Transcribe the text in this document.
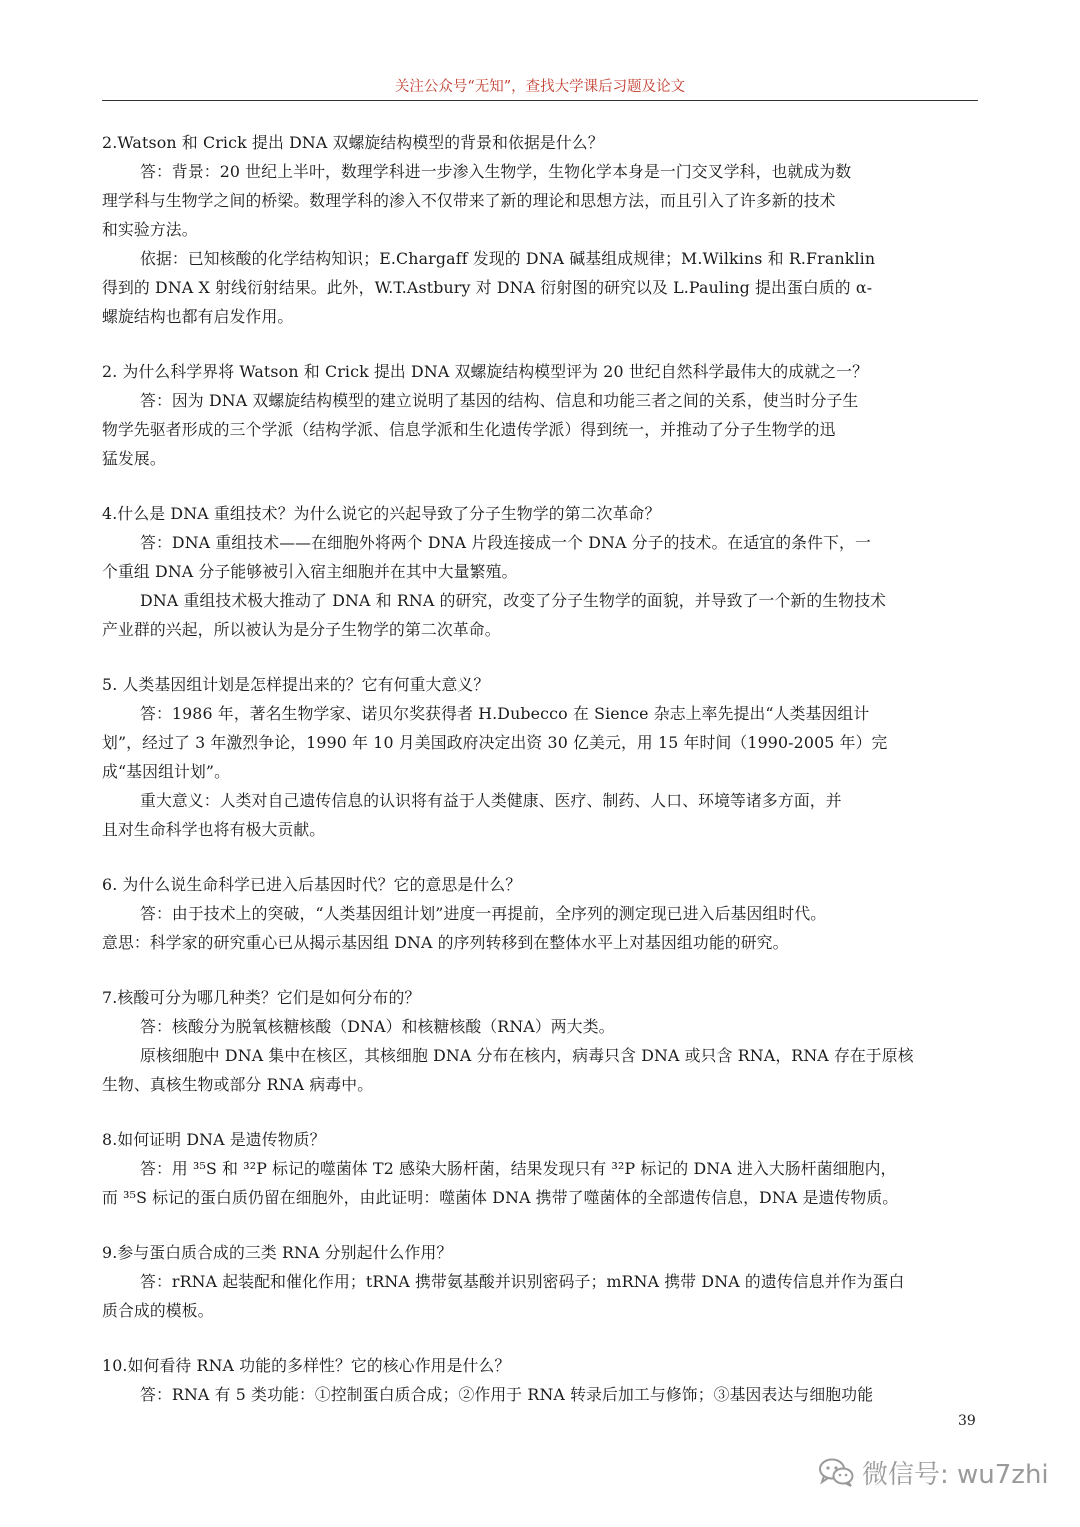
关注公众号“无知”，查找大学课后习题及论文

2.Watson 和 Crick 提出 DNA 双螺旋结构模型的背景和依据是什么？

答：背景：20 世纪上半叶，数理学科进一步渗入生物学，生物化学本身是一门交叉学科，也就成为数

理学科与生物学之间的桥梁。数理学科的渗入不仅带来了新的理论和思想方法，而且引入了许多新的技术

和实验方法。

依据：已知核酸的化学结构知识；E.Chargaff 发现的 DNA 碱基组成规律；M.Wilkins 和 R.Franklin

得到的 DNA X 射线衍射结果。此外，W.T.Astbury 对 DNA 衍射图的研究以及 L.Pauling 提出蛋白质的 α-

螺旋结构也都有启发作用。

2. 为什么科学界将 Watson 和 Crick 提出 DNA 双螺旋结构模型评为 20 世纪自然科学最伟大的成就之一？

答：因为 DNA 双螺旋结构模型的建立说明了基因的结构、信息和功能三者之间的关系，使当时分子生

物学先驱者形成的三个学派（结构学派、信息学派和生化遗传学派）得到统一，并推动了分子生物学的迅

猛发展。

4.什么是 DNA 重组技术？为什么说它的兴起导致了分子生物学的第二次革命？

答：DNA 重组技术——在细胞外将两个 DNA 片段连接成一个 DNA 分子的技术。在适宜的条件下，一

个重组 DNA 分子能够被引入宿主细胞并在其中大量繁殖。

DNA 重组技术极大推动了 DNA 和 RNA 的研究，改变了分子生物学的面貌，并导致了一个新的生物技术

产业群的兴起，所以被认为是分子生物学的第二次革命。

5. 人类基因组计划是怎样提出来的？它有何重大意义？

答：1986 年，著名生物学家、诺贝尔奖获得者 H.Dubecco 在 Sience 杂志上率先提出“人类基因组计

划”，经过了 3 年激烈争论，1990 年 10 月美国政府决定出资 30 亿美元，用 15 年时间（1990-2005 年）完

成“基因组计划”。

重大意义：人类对自己遗传信息的认识将有益于人类健康、医疗、制药、人口、环境等诸多方面，并

且对生命科学也将有极大贡献。

6. 为什么说生命科学已进入后基因时代？它的意思是什么？

答：由于技术上的突破，“人类基因组计划”进度一再提前，全序列的测定现已进入后基因组时代。

意思：科学家的研究重心已从揭示基因组 DNA 的序列转移到在整体水平上对基因组功能的研究。

7.核酸可分为哪几种类？它们是如何分布的？

答：核酸分为脱氧核糖核酸（DNA）和核糖核酸（RNA）两大类。

原核细胞中 DNA 集中在核区，其核细胞 DNA 分布在核内，病毒只含 DNA 或只含 RNA，RNA 存在于原核

生物、真核生物或部分 RNA 病毒中。

8.如何证明 DNA 是遗传物质？

答：用 ³⁵S 和 ³²P 标记的噬菌体 T2 感染大肠杆菌，结果发现只有 ³²P 标记的 DNA 进入大肠杆菌细胞内，

而 ³⁵S 标记的蛋白质仍留在细胞外，由此证明：噬菌体 DNA 携带了噬菌体的全部遗传信息，DNA 是遗传物质。

9.参与蛋白质合成的三类 RNA 分别起什么作用？

答：rRNA 起装配和催化作用；tRNA 携带氨基酸并识别密码子；mRNA 携带 DNA 的遗传信息并作为蛋白

质合成的模板。

10.如何看待 RNA 功能的多样性？它的核心作用是什么？

答：RNA 有 5 类功能：①控制蛋白质合成；②作用于 RNA 转录后加工与修饰；③基因表达与细胞功能

39
微信号: wu7zhi
